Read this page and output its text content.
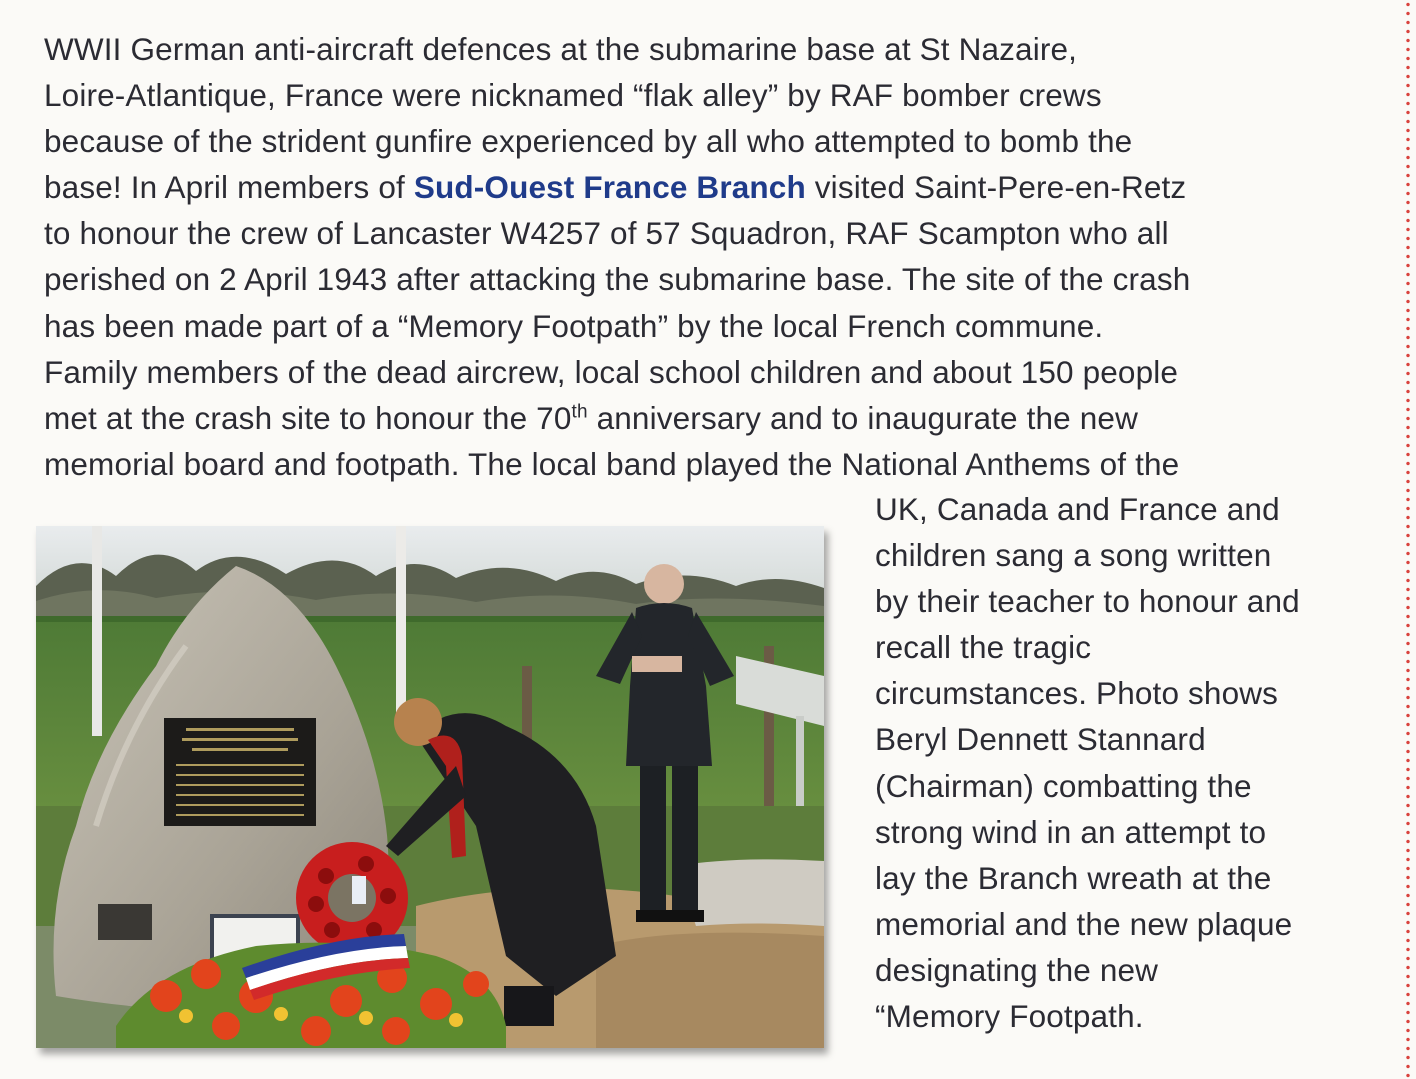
WWII German anti-aircraft defences at the submarine base at St Nazaire,
Loire-Atlantique, France were nicknamed “flak alley” by RAF bomber crews
because of the strident gunfire experienced by all who attempted to bomb the
base! In April members of Sud-Ouest France Branch visited Saint-Pere-en-Retz
to honour the crew of Lancaster W4257 of 57 Squadron, RAF Scampton who all
perished on 2 April 1943 after attacking the submarine base. The site of the crash
has been made part of a “Memory Footpath” by the local French commune.
Family members of the dead aircrew, local school children and about 150 people
met at the crash site to honour the 70th anniversary and to inaugurate the new
memorial board and footpath. The local band played the National Anthems of the

UK, Canada and France and
children sang a song written
by their teacher to honour and
recall the tragic
circumstances. Photo shows
Beryl Dennett Stannard
(Chairman) combatting the
strong wind in an attempt to
lay the Branch wreath at the
memorial and the new plaque
designating the new
“Memory Footpath.
